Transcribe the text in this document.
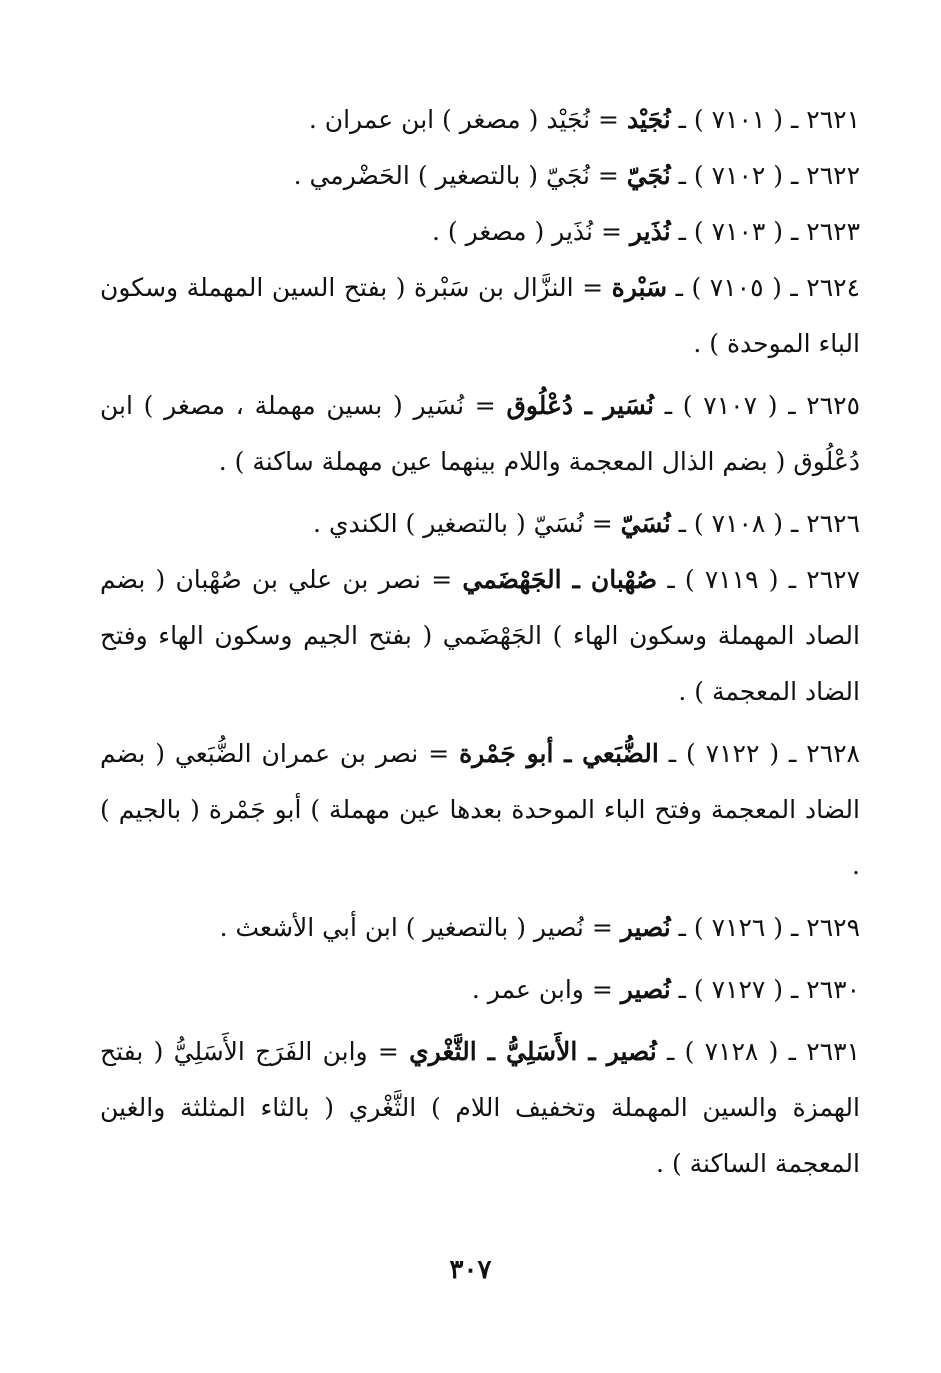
٢٦٢١ ـ ( ٧١٠١ ) ـ نُجَيْد = نُجَيْد ( مصغر ) ابن عمران .

٢٦٢٢ ـ ( ٧١٠٢ ) ـ نُجَيّ = نُجَيّ ( بالتصغير ) الحَضْرمي .

٢٦٢٣ ـ ( ٧١٠٣ ) ـ نُذَير = نُذَير ( مصغر ) .

٢٦٢٤ ـ ( ٧١٠٥ ) ـ سَبْرة = النزَّال بن سَبْرة ( بفتح السين المهملة وسكون الباء الموحدة ) .

٢٦٢٥ ـ ( ٧١٠٧ ) ـ نُسَير ـ دُعْلُوق = نُسَير ( بسين مهملة ، مصغر ) ابن دُعْلُوق ( بضم الذال المعجمة واللام بينهما عين مهملة ساكنة ) .

٢٦٢٦ ـ ( ٧١٠٨ ) ـ نُسَيّ = نُسَيّ ( بالتصغير ) الكندي .

٢٦٢٧ ـ ( ٧١١٩ ) ـ صُهْبان ـ الجَهْضَمي = نصر بن علي بن صُهْبان ( بضم الصاد المهملة وسكون الهاء ) الجَهْضَمي ( بفتح الجيم وسكون الهاء وفتح الضاد المعجمة ) .

٢٦٢٨ ـ ( ٧١٢٢ ) ـ الضُّبَعي ـ أبو جَمْرة = نصر بن عمران الضُّبَعي ( بضم الضاد المعجمة وفتح الباء الموحدة بعدها عين مهملة ) أبو جَمْرة ( بالجيم ) .

٢٦٢٩ ـ ( ٧١٢٦ ) ـ نُصير = نُصير ( بالتصغير ) ابن أبي الأشعث .

٢٦٣٠ ـ ( ٧١٢٧ ) ـ نُصير = وابن عمر .

٢٦٣١ ـ ( ٧١٢٨ ) ـ نُصير ـ الأَسَلِيُّ ـ الثَّغْري = وابن الفَرَج الأَسَلِيُّ ( بفتح الهمزة والسين المهملة وتخفيف اللام ) الثَّغْري ( بالثاء المثلثة والغين المعجمة الساكنة ) .

٣٠٧
